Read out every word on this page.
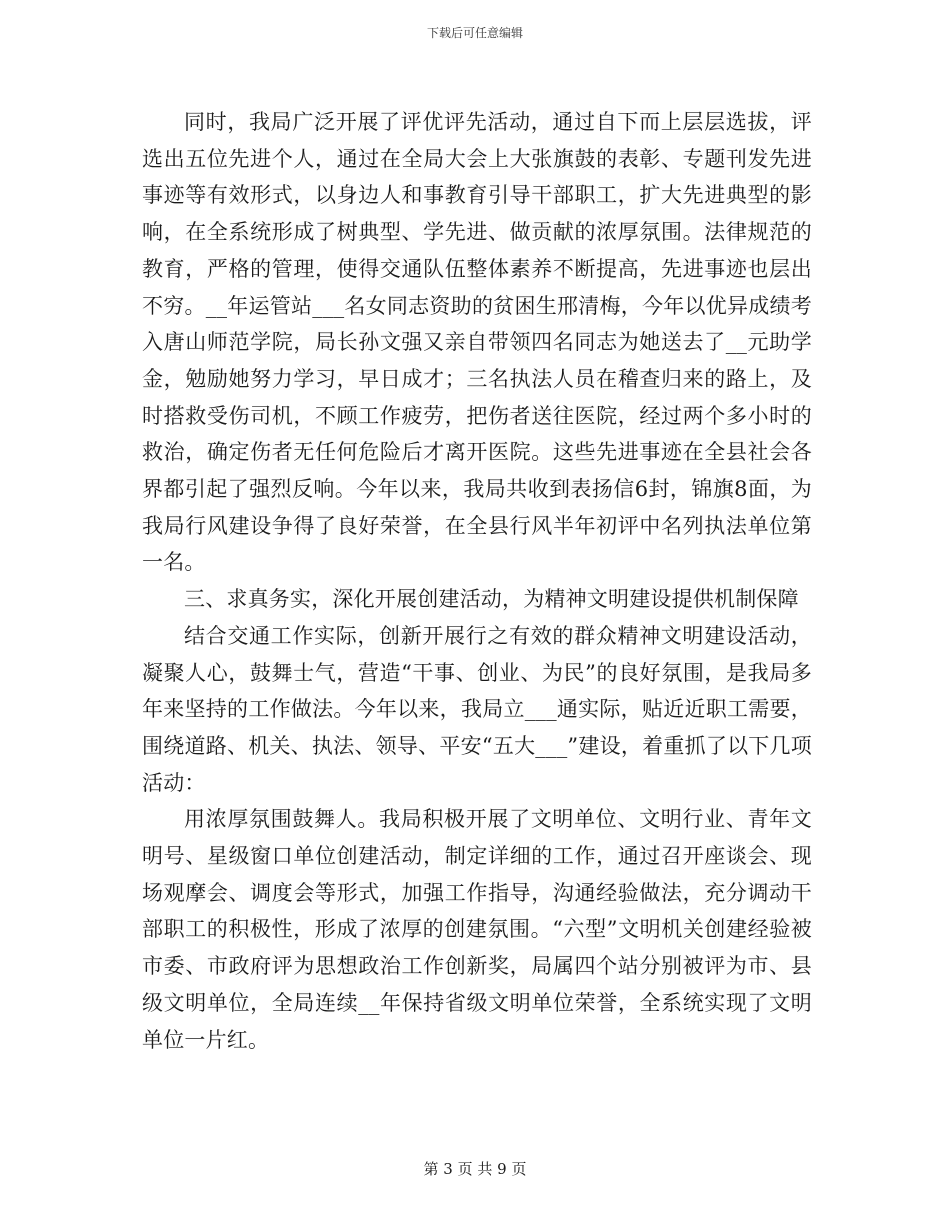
下载后可任意编辑

同时，我局广泛开展了评优评先活动，通过自下而上层层选拔，评选出五位先进个人，通过在全局大会上大张旗鼓的表彰、专题刊发先进事迹等有效形式，以身边人和事教育引导干部职工，扩大先进典型的影响，在全系统形成了树典型、学先进、做贡献的浓厚氛围。法律规范的教育，严格的管理，使得交通队伍整体素养不断提高，先进事迹也层出不穷。__年运管站___名女同志资助的贫困生邢清梅，今年以优异成绩考入唐山师范学院，局长孙文强又亲自带领四名同志为她送去了__元助学金，勉励她努力学习，早日成才；三名执法人员在稽查归来的路上，及时搭救受伤司机，不顾工作疲劳，把伤者送往医院，经过两个多小时的救治，确定伤者无任何危险后才离开医院。这些先进事迹在全县社会各界都引起了强烈反响。今年以来，我局共收到表扬信6封，锦旗8面，为我局行风建设争得了良好荣誉，在全县行风半年初评中名列执法单位第一名。

三、求真务实，深化开展创建活动，为精神文明建设提供机制保障

结合交通工作实际，创新开展行之有效的群众精神文明建设活动，凝聚人心，鼓舞士气，营造“干事、创业、为民”的良好氛围，是我局多年来坚持的工作做法。今年以来，我局立___通实际，贴近近职工需要，围绕道路、机关、执法、领导、平安“五大___”建设，着重抓了以下几项活动：

用浓厚氛围鼓舞人。我局积极开展了文明单位、文明行业、青年文明号、星级窗口单位创建活动，制定详细的工作，通过召开座谈会、现场观摩会、调度会等形式，加强工作指导，沟通经验做法，充分调动干部职工的积极性，形成了浓厚的创建氛围。“六型”文明机关创建经验被市委、市政府评为思想政治工作创新奖，局属四个站分别被评为市、县级文明单位，全局连续__年保持省级文明单位荣誉，全系统实现了文明单位一片红。

第 3 页 共 9 页
